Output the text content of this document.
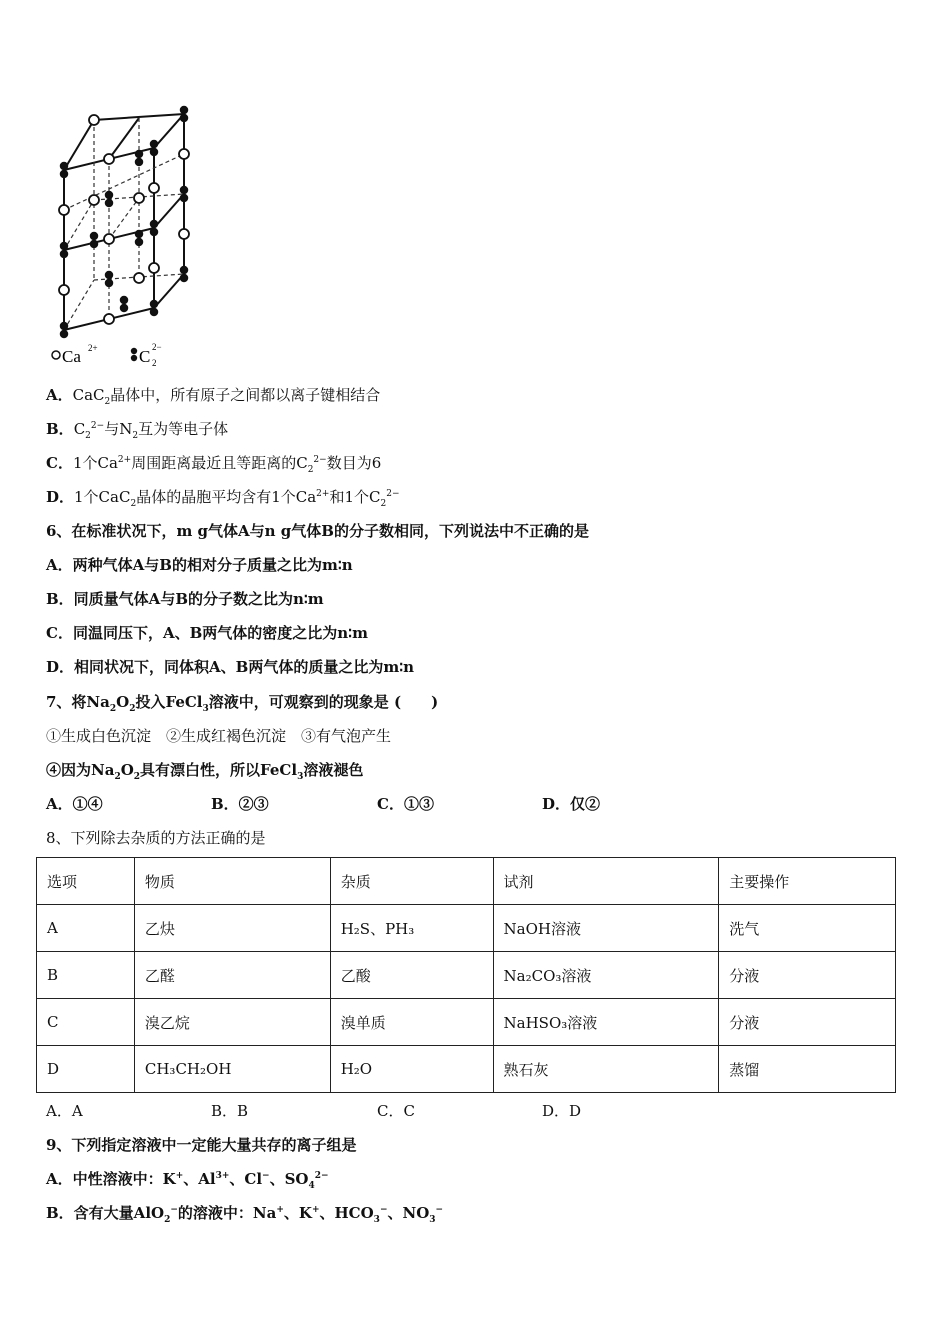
Ca 2+ C 2
2−
A．CaC$_2$晶体中，所有原子之间都以离子键相结合
B．$C_2^{2-}$与$N_2$互为等电子体
C．1个$Ca^{2+}$周围距离最近且等距离的$C_2^{2-}$数目为6
D．1个CaC$_2$晶体的晶胞平均含有1个$Ca^{2+}$和1个$C_2^{2-}$
6、在标准状况下，m g气体A与n g气体B的分子数相同，下列说法中不正确的是
A．两种气体A与B的相对分子质量之比为m∶n
B．同质量气体A与B的分子数之比为n∶m
C．同温同压下，A、B两气体的密度之比为n∶m
D．相同状况下，同体积A、B两气体的质量之比为m∶n
7、将$Na_2O_2$投入FeCl$_3$溶液中，可观察到的现象是 (　　)
①生成白色沉淀　②生成红褐色沉淀　③有气泡产生
④因为$Na_2O_2$具有漂白性，所以FeCl$_3$溶液褪色
A．①④	B．②③	C．①③	D．仅②
8、下列除去杂质的方法正确的是
选项	物质	杂质	试剂	主要操作
A	乙炔	H₂S、PH₃	NaOH溶液	洗气
B	乙醛	乙酸	Na₂CO₃溶液	分液
C	溴乙烷	溴单质	NaHSO₃溶液	分液
D	CH₃CH₂OH	H₂O	熟石灰	蒸馏
A．A	B．B	C．C	D．D
9、下列指定溶液中一定能大量共存的离子组是
A．中性溶液中：K+、$Al^{3+}$、Cl−、$SO_4^{2-}$
B．含有大量AlO$_2$−的溶液中：Na+、K+、$HCO_3^-$、$NO_3^-$
